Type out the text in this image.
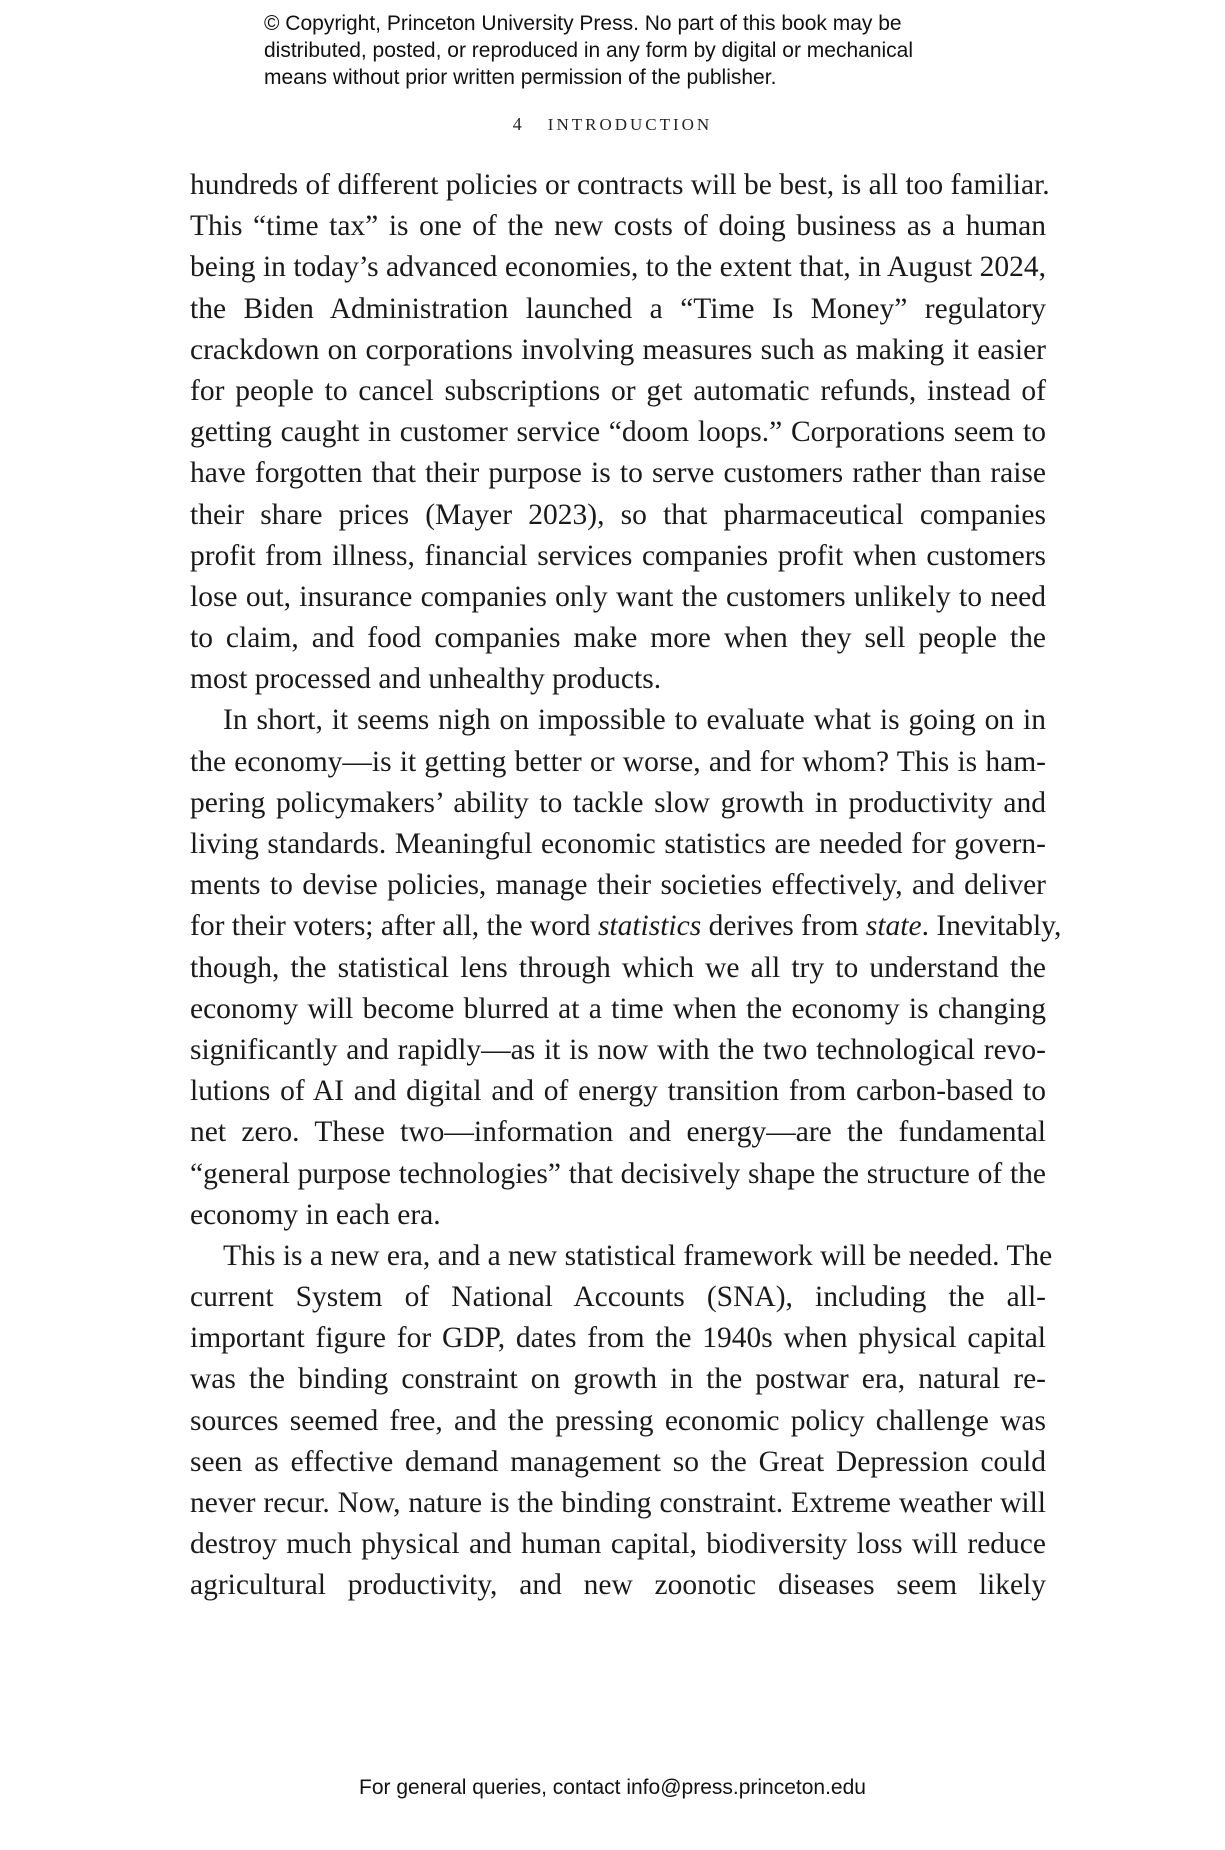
© Copyright, Princeton University Press. No part of this book may be
distributed, posted, or reproduced in any form by digital or mechanical
means without prior written permission of the publisher.
4 INTRODUCTION
hundreds of different policies or contracts will be best, is all too familiar.
This “time tax” is one of the new costs of doing business as a human
being in today’s advanced economies, to the extent that, in August 2024,
the Biden Administration launched a “Time Is Money” regulatory
crackdown on corporations involving measures such as making it easier
for people to cancel subscriptions or get automatic refunds, instead of
getting caught in customer service “doom loops.” Corporations seem to
have forgotten that their purpose is to serve customers rather than raise
their share prices (Mayer 2023), so that pharmaceutical companies
profit from illness, financial services companies profit when customers
lose out, insurance companies only want the customers unlikely to need
to claim, and food companies make more when they sell people the
most processed and unhealthy products.
In short, it seems nigh on impossible to evaluate what is going on in
the economy—is it getting better or worse, and for whom? This is ham-
pering policymakers’ ability to tackle slow growth in productivity and
living standards. Meaningful economic statistics are needed for govern-
ments to devise policies, manage their societies effectively, and deliver
for their voters; after all, the word statistics derives from state. Inevitably,
though, the statistical lens through which we all try to understand the
economy will become blurred at a time when the economy is changing
significantly and rapidly—as it is now with the two technological revo-
lutions of AI and digital and of energy transition from carbon-based to
net zero. These two—information and energy—are the fundamental
“general purpose technologies” that decisively shape the structure of the
economy in each era.
This is a new era, and a new statistical framework will be needed. The
current System of National Accounts (SNA), including the all-
important figure for GDP, dates from the 1940s when physical capital
was the binding constraint on growth in the postwar era, natural re-
sources seemed free, and the pressing economic policy challenge was
seen as effective demand management so the Great Depression could
never recur. Now, nature is the binding constraint. Extreme weather will
destroy much physical and human capital, biodiversity loss will reduce
agricultural productivity, and new zoonotic diseases seem likely
For general queries, contact info@press.princeton.edu
